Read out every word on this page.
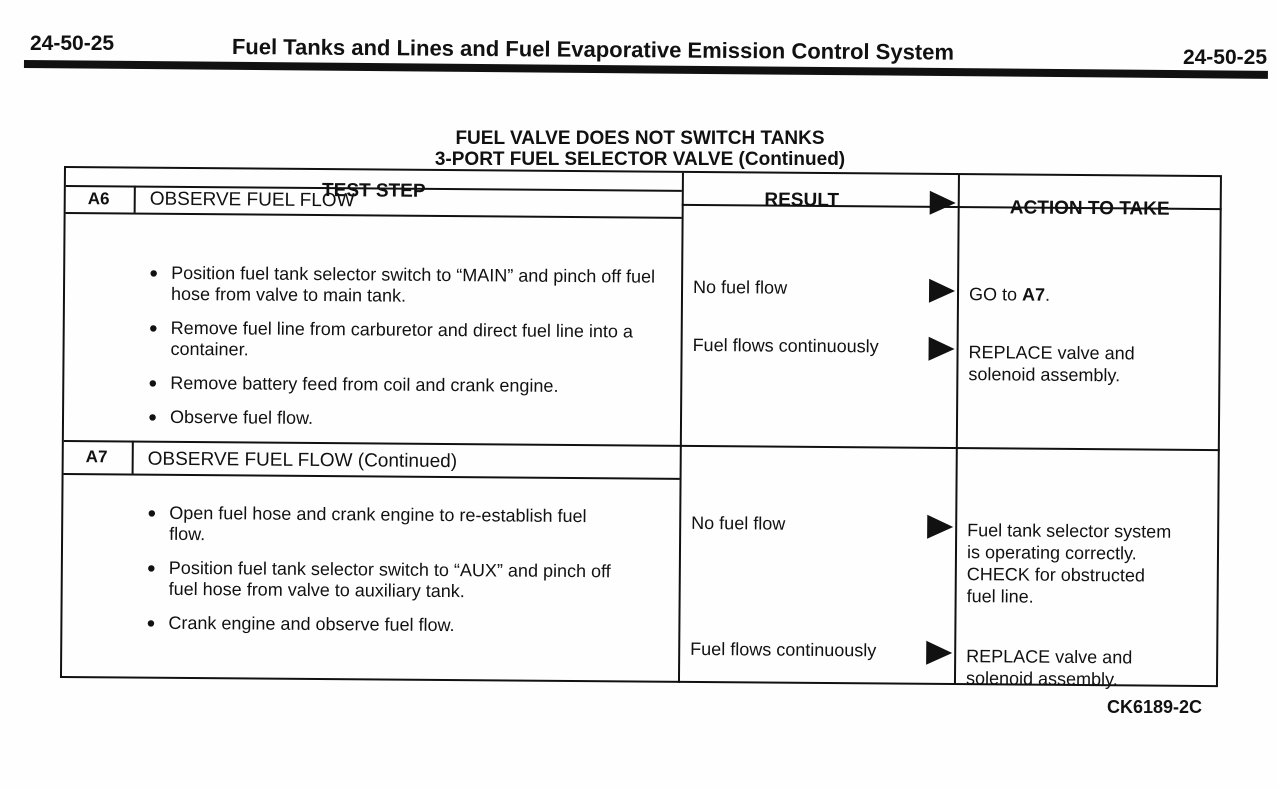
24-50-25	Fuel Tanks and Lines and Fuel Evaporative Emission Control System	24-50-25
FUEL VALVE DOES NOT SWITCH TANKS
3-PORT FUEL SELECTOR VALVE (Continued)
TEST STEP	RESULT	ACTION TO TAKE
A6 OBSERVE FUEL FLOW
● Position fuel tank selector switch to “MAIN” and pinch off fuel hose from valve to main tank.
● Remove fuel line from carburetor and direct fuel line into a container.
● Remove battery feed from coil and crank engine.
● Observe fuel flow.
No fuel flow	GO to A7.
Fuel flows continuously	REPLACE valve and solenoid assembly.
A7 OBSERVE FUEL FLOW (Continued)
● Open fuel hose and crank engine to re-establish fuel flow.
● Position fuel tank selector switch to “AUX” and pinch off fuel hose from valve to auxiliary tank.
● Crank engine and observe fuel flow.
No fuel flow	Fuel tank selector system is operating correctly. CHECK for obstructed fuel line.
Fuel flows continuously	REPLACE valve and solenoid assembly.
CK6189-2C
